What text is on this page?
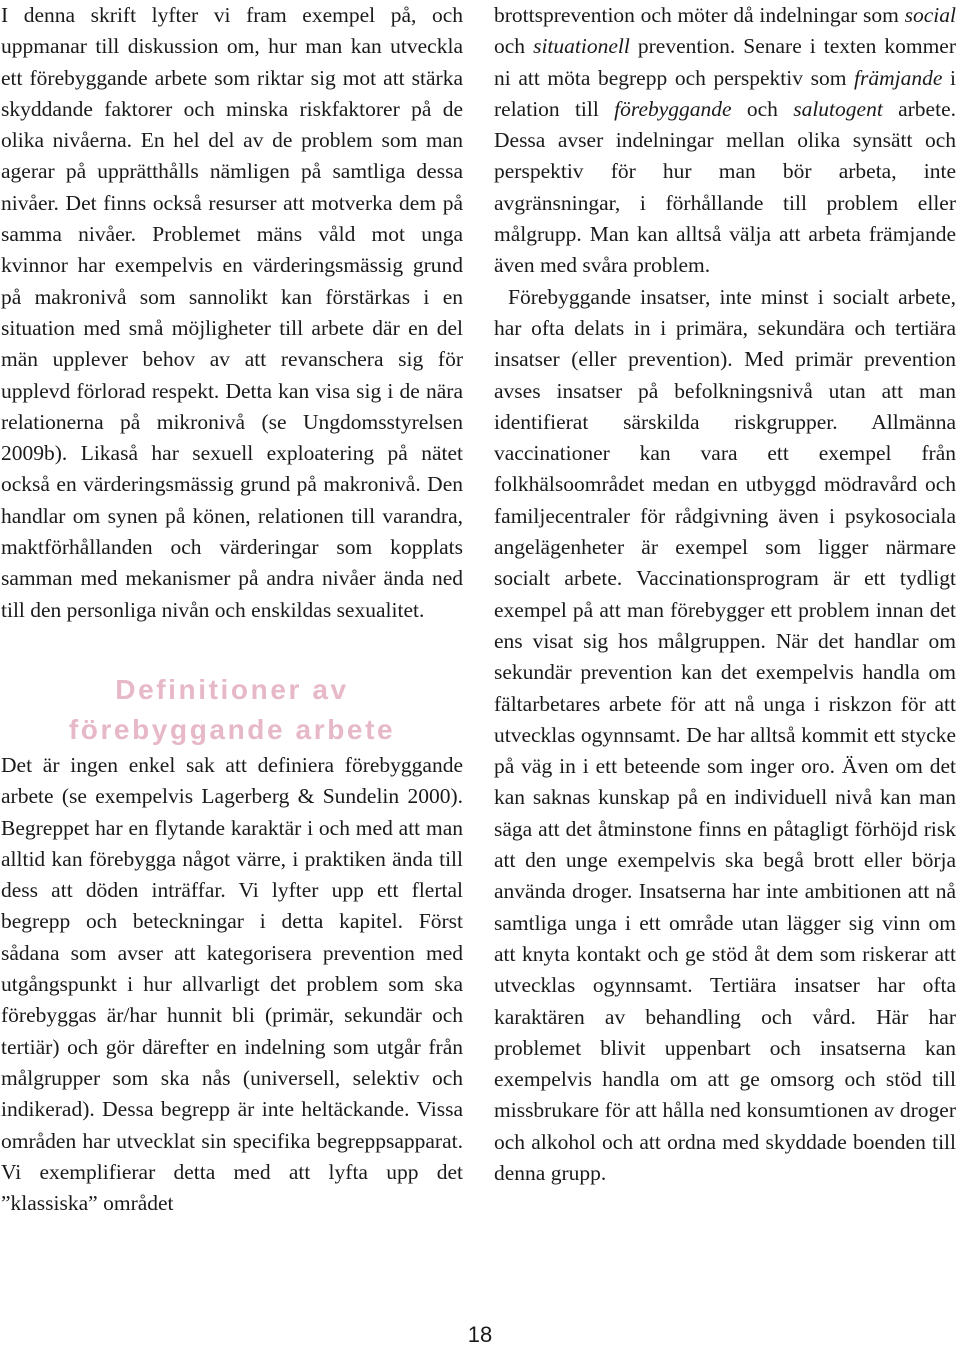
I denna skrift lyfter vi fram exempel på, och uppmanar till diskussion om, hur man kan utveckla ett förebyggande arbete som riktar sig mot att stärka skyddande faktorer och minska riskfaktorer på de olika nivåerna. En hel del av de problem som man agerar på upprätthålls nämligen på samtliga dessa nivåer. Det finns också resurser att motverka dem på samma nivåer. Problemet mäns våld mot unga kvinnor har exempelvis en värderingsmässig grund på makronivå som sannolikt kan förstärkas i en situation med små möjligheter till arbete där en del män upplever behov av att revanschera sig för upplevd förlorad respekt. Detta kan visa sig i de nära relationerna på mikronivå (se Ungdomsstyrelsen 2009b). Likaså har sexuell exploatering på nätet också en värderingsmässig grund på makronivå. Den handlar om synen på könen, relationen till varandra, maktförhållanden och värderingar som kopplats samman med mekanismer på andra nivåer ända ned till den personliga nivån och enskildas sexualitet.

Definitioner av
förebyggande arbete

Det är ingen enkel sak att definiera förebyggande arbete (se exempelvis Lagerberg & Sundelin 2000). Begreppet har en flytande karaktär i och med att man alltid kan förebygga något värre, i praktiken ända till dess att döden inträffar. Vi lyfter upp ett flertal begrepp och beteckningar i detta kapitel. Först sådana som avser att kategorisera prevention med utgångspunkt i hur allvarligt det problem som ska förebyggas är/har hunnit bli (primär, sekundär och tertiär) och gör därefter en indelning som utgår från målgrupper som ska nås (universell, selektiv och indikerad). Dessa begrepp är inte heltäckande. Vissa områden har utvecklat sin specifika begreppsapparat. Vi exemplifierar detta med att lyfta upp det ”klassiska” området

brottsprevention och möter då indelningar som social och situationell prevention. Senare i texten kommer ni att möta begrepp och perspektiv som främjande i relation till förebyggande och salutogent arbete. Dessa avser indelningar mellan olika synsätt och perspektiv för hur man bör arbeta, inte avgränsningar, i förhållande till problem eller målgrupp. Man kan alltså välja att arbeta främjande även med svåra problem.

Förebyggande insatser, inte minst i socialt arbete, har ofta delats in i primära, sekundära och tertiära insatser (eller prevention). Med primär prevention avses insatser på befolkningsnivå utan att man identifierat särskilda riskgrupper. Allmänna vaccinationer kan vara ett exempel från folkhälsoområdet medan en utbyggd mödravård och familjecentraler för rådgivning även i psykosociala angelägenheter är exempel som ligger närmare socialt arbete. Vaccinationsprogram är ett tydligt exempel på att man förebygger ett problem innan det ens visat sig hos målgruppen. När det handlar om sekundär prevention kan det exempelvis handla om fältarbetares arbete för att nå unga i riskzon för att utvecklas ogynnsamt. De har alltså kommit ett stycke på väg in i ett beteende som inger oro. Även om det kan saknas kunskap på en individuell nivå kan man säga att det åtminstone finns en påtagligt förhöjd risk att den unge exempelvis ska begå brott eller börja använda droger. Insatserna har inte ambitionen att nå samtliga unga i ett område utan lägger sig vinn om att knyta kontakt och ge stöd åt dem som riskerar att utvecklas ogynnsamt. Tertiära insatser har ofta karaktären av behandling och vård. Här har problemet blivit uppenbart och insatserna kan exempelvis handla om att ge omsorg och stöd till missbrukare för att hålla ned konsumtionen av droger och alkohol och att ordna med skyddade boenden till denna grupp.

18
